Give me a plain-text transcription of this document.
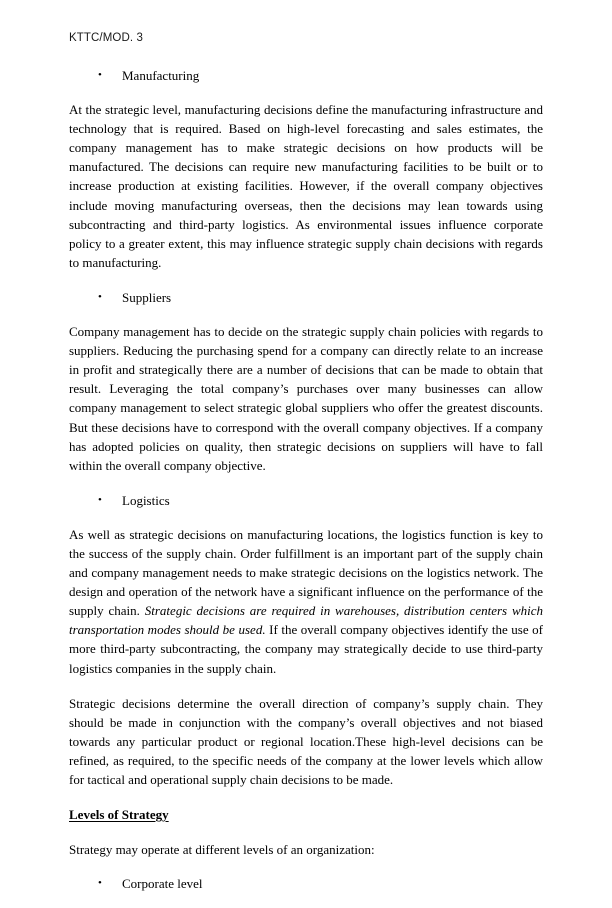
KTTC/MOD. 3
• Manufacturing

At the strategic level, manufacturing decisions define the manufacturing infrastructure and technology that is required. Based on high-level forecasting and sales estimates, the company management has to make strategic decisions on how products will be manufactured. The decisions can require new manufacturing facilities to be built or to increase production at existing facilities. However, if the overall company objectives include moving manufacturing overseas, then the decisions may lean towards using subcontracting and third-party logistics. As environmental issues influence corporate policy to a greater extent, this may influence strategic supply chain decisions with regards to manufacturing.

• Suppliers

Company management has to decide on the strategic supply chain policies with regards to suppliers. Reducing the purchasing spend for a company can directly relate to an increase in profit and strategically there are a number of decisions that can be made to obtain that result. Leveraging the total company’s purchases over many businesses can allow company management to select strategic global suppliers who offer the greatest discounts. But these decisions have to correspond with the overall company objectives. If a company has adopted policies on quality, then strategic decisions on suppliers will have to fall within the overall company objective.

• Logistics

As well as strategic decisions on manufacturing locations, the logistics function is key to the success of the supply chain. Order fulfillment is an important part of the supply chain and company management needs to make strategic decisions on the logistics network. The design and operation of the network have a significant influence on the performance of the supply chain. Strategic decisions are required in warehouses, distribution centers which transportation modes should be used. If the overall company objectives identify the use of more third-party subcontracting, the company may strategically decide to use third-party logistics companies in the supply chain.

Strategic decisions determine the overall direction of company’s supply chain. They should be made in conjunction with the company’s overall objectives and not biased towards any particular product or regional location.These high-level decisions can be refined, as required, to the specific needs of the company at the lower levels which allow for tactical and operational supply chain decisions to be made.

Levels of Strategy

Strategy may operate at different levels of an organization:

• Corporate level
